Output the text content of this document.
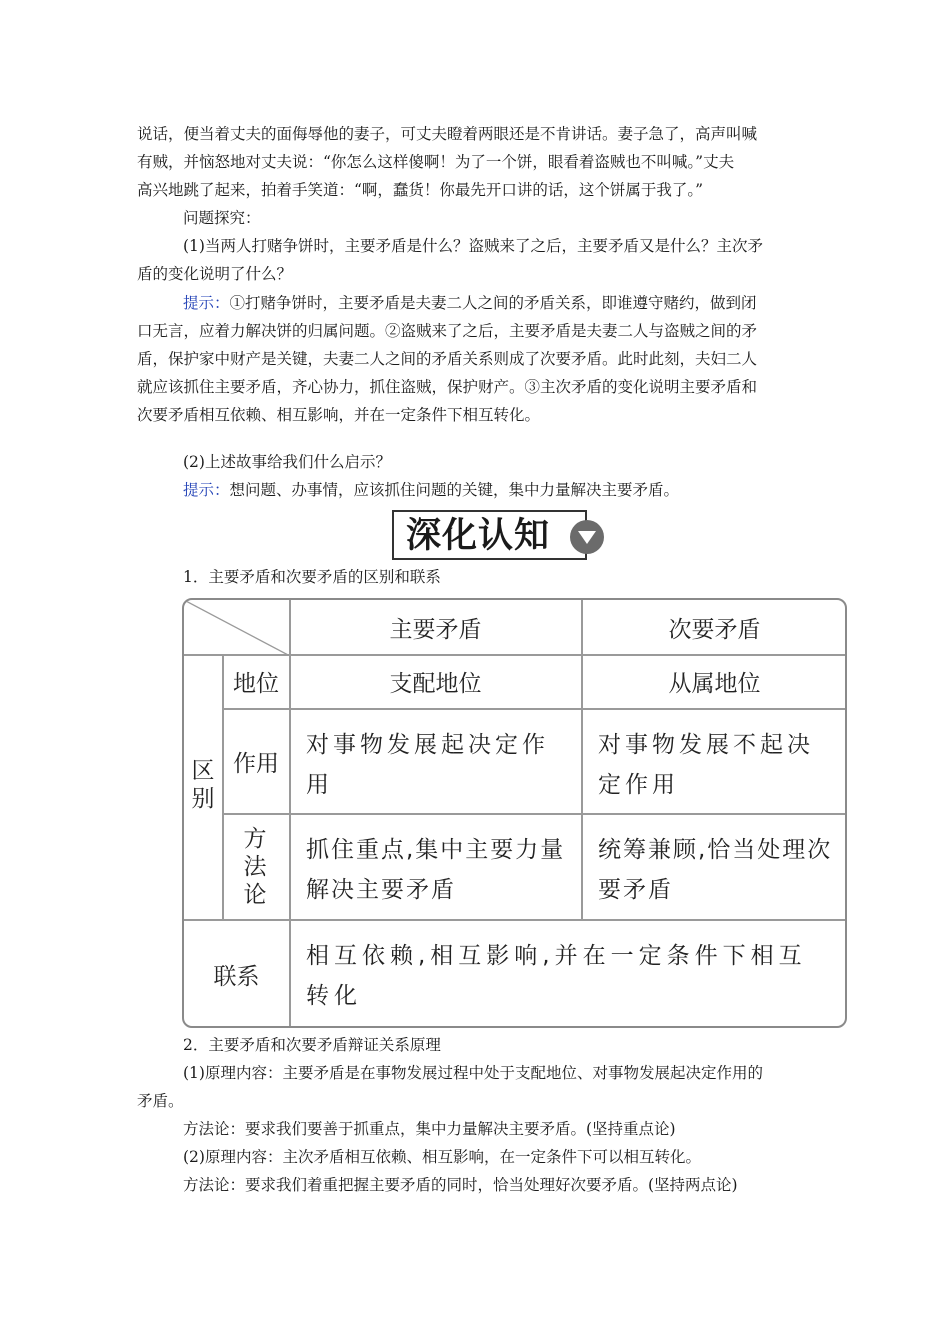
说话，便当着丈夫的面侮辱他的妻子，可丈夫瞪着两眼还是不肯讲话。妻子急了，高声叫喊
有贼，并恼怒地对丈夫说：“你怎么这样傻啊！为了一个饼，眼看着盗贼也不叫喊。”丈夫
高兴地跳了起来，拍着手笑道：“啊，蠢货！你最先开口讲的话，这个饼属于我了。”
问题探究：
(1)当两人打赌争饼时，主要矛盾是什么？盗贼来了之后，主要矛盾又是什么？主次矛
盾的变化说明了什么？
提示：①打赌争饼时，主要矛盾是夫妻二人之间的矛盾关系，即谁遵守赌约，做到闭
口无言，应着力解决饼的归属问题。②盗贼来了之后，主要矛盾是夫妻二人与盗贼之间的矛
盾，保护家中财产是关键，夫妻二人之间的矛盾关系则成了次要矛盾。此时此刻，夫妇二人
就应该抓住主要矛盾，齐心协力，抓住盗贼，保护财产。③主次矛盾的变化说明主要矛盾和
次要矛盾相互依赖、相互影响，并在一定条件下相互转化。
(2)上述故事给我们什么启示？
提示：想问题、办事情，应该抓住问题的关键，集中力量解决主要矛盾。
深化认知
1．主要矛盾和次要矛盾的区别和联系
主要矛盾	次要矛盾
区别
地位
作用
方法论
联系
支配地位	从属地位
对事物发展起决定作用
对事物发展不起决定作用
抓住重点,集中主要力量解决主要矛盾
统筹兼顾,恰当处理次要矛盾
相互依赖,相互影响,并在一定条件下相互转化
2．主要矛盾和次要矛盾辩证关系原理
(1)原理内容：主要矛盾是在事物发展过程中处于支配地位、对事物发展起决定作用的
矛盾。
方法论：要求我们要善于抓重点，集中力量解决主要矛盾。(坚持重点论)
(2)原理内容：主次矛盾相互依赖、相互影响，在一定条件下可以相互转化。
方法论：要求我们着重把握主要矛盾的同时，恰当处理好次要矛盾。(坚持两点论)
